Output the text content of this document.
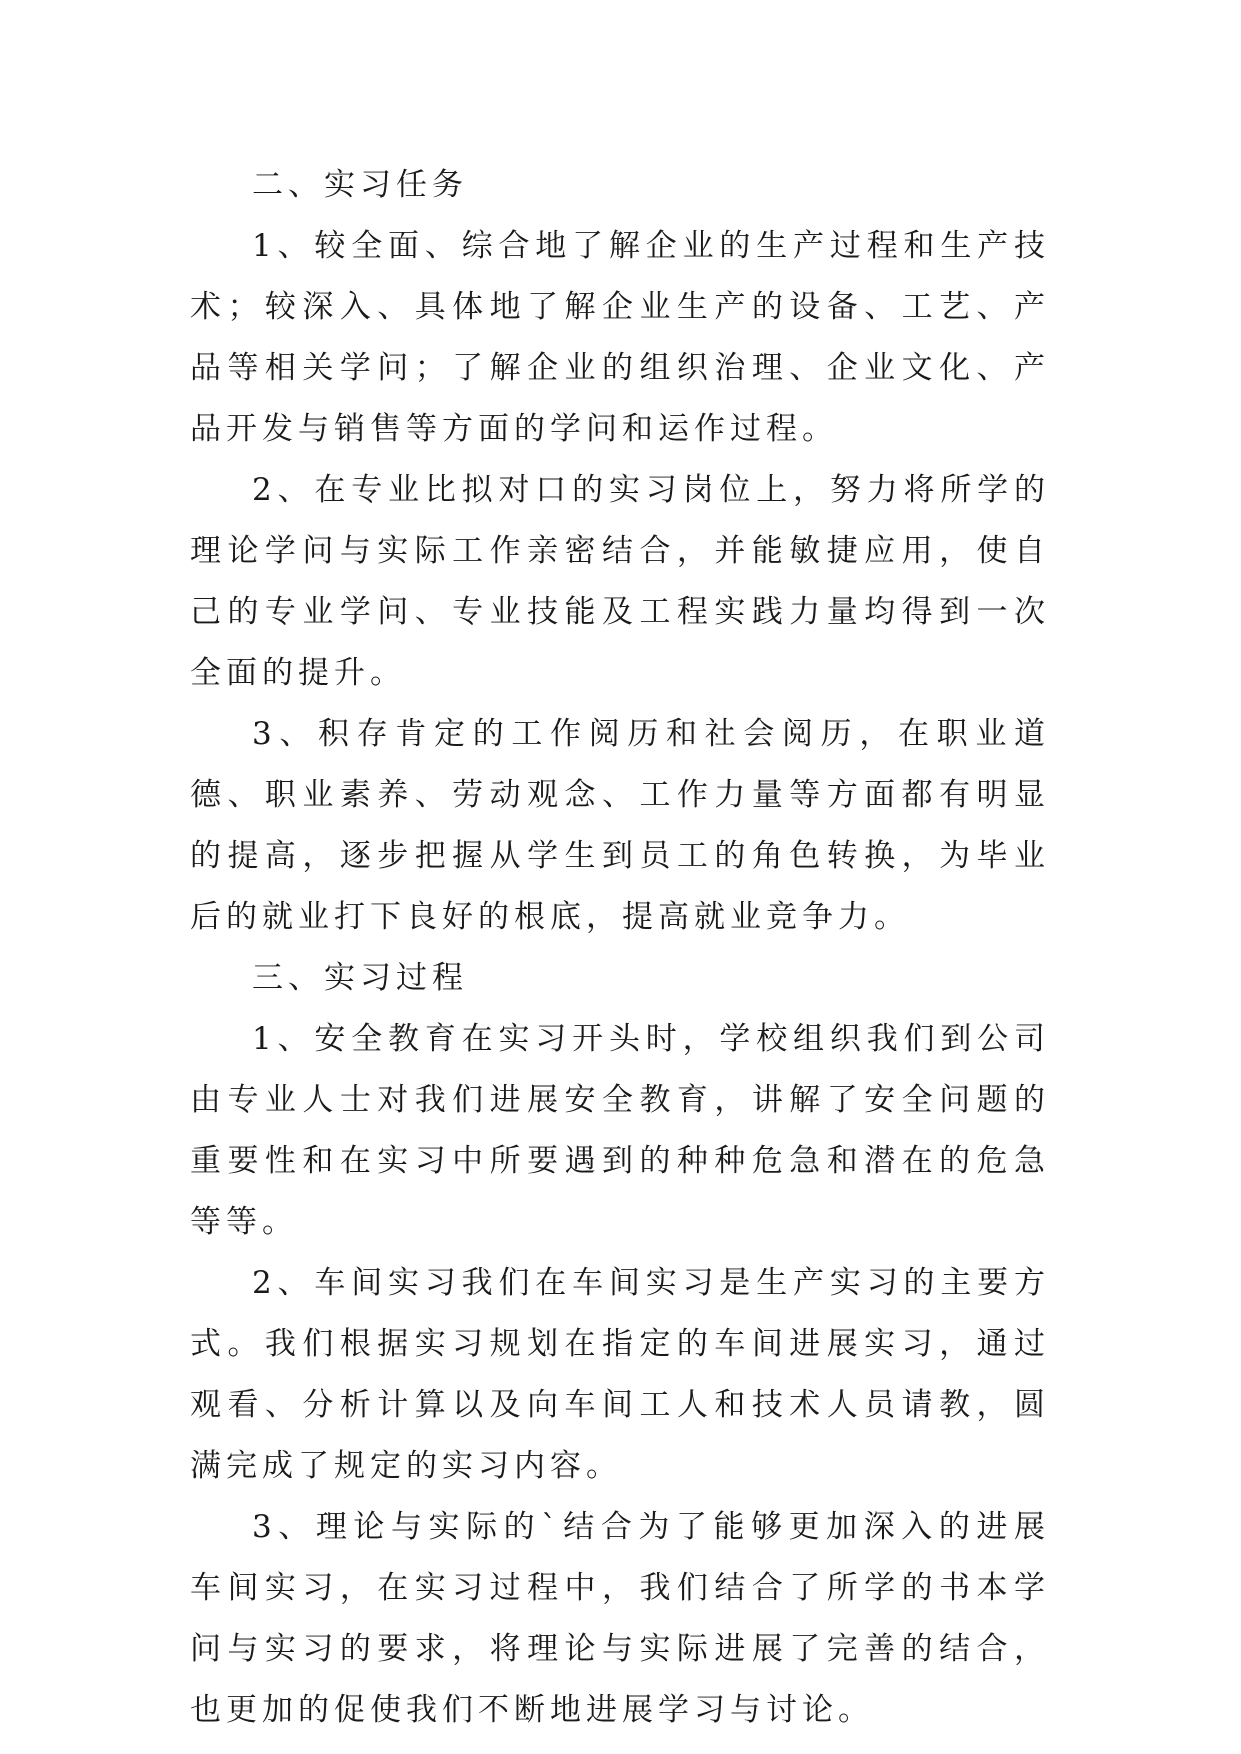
二、实习任务

1、较全面、综合地了解企业的生产过程和生产技术；较深入、具体地了解企业生产的设备、工艺、产品等相关学问；了解企业的组织治理、企业文化、产品开发与销售等方面的学问和运作过程。

2、在专业比拟对口的实习岗位上，努力将所学的理论学问与实际工作亲密结合，并能敏捷应用，使自己的专业学问、专业技能及工程实践力量均得到一次全面的提升。

3、积存肯定的工作阅历和社会阅历，在职业道德、职业素养、劳动观念、工作力量等方面都有明显的提高，逐步把握从学生到员工的角色转换，为毕业后的就业打下良好的根底，提高就业竞争力。

三、实习过程

1、安全教育在实习开头时，学校组织我们到公司由专业人士对我们进展安全教育，讲解了安全问题的重要性和在实习中所要遇到的种种危急和潜在的危急等等。

2、车间实习我们在车间实习是生产实习的主要方式。我们根据实习规划在指定的车间进展实习，通过观看、分析计算以及向车间工人和技术人员请教，圆满完成了规定的实习内容。

3、理论与实际的`结合为了能够更加深入的进展车间实习，在实习过程中，我们结合了所学的书本学问与实习的要求，将理论与实际进展了完善的结合，也更加的促使我们不断地进展学习与讨论。
